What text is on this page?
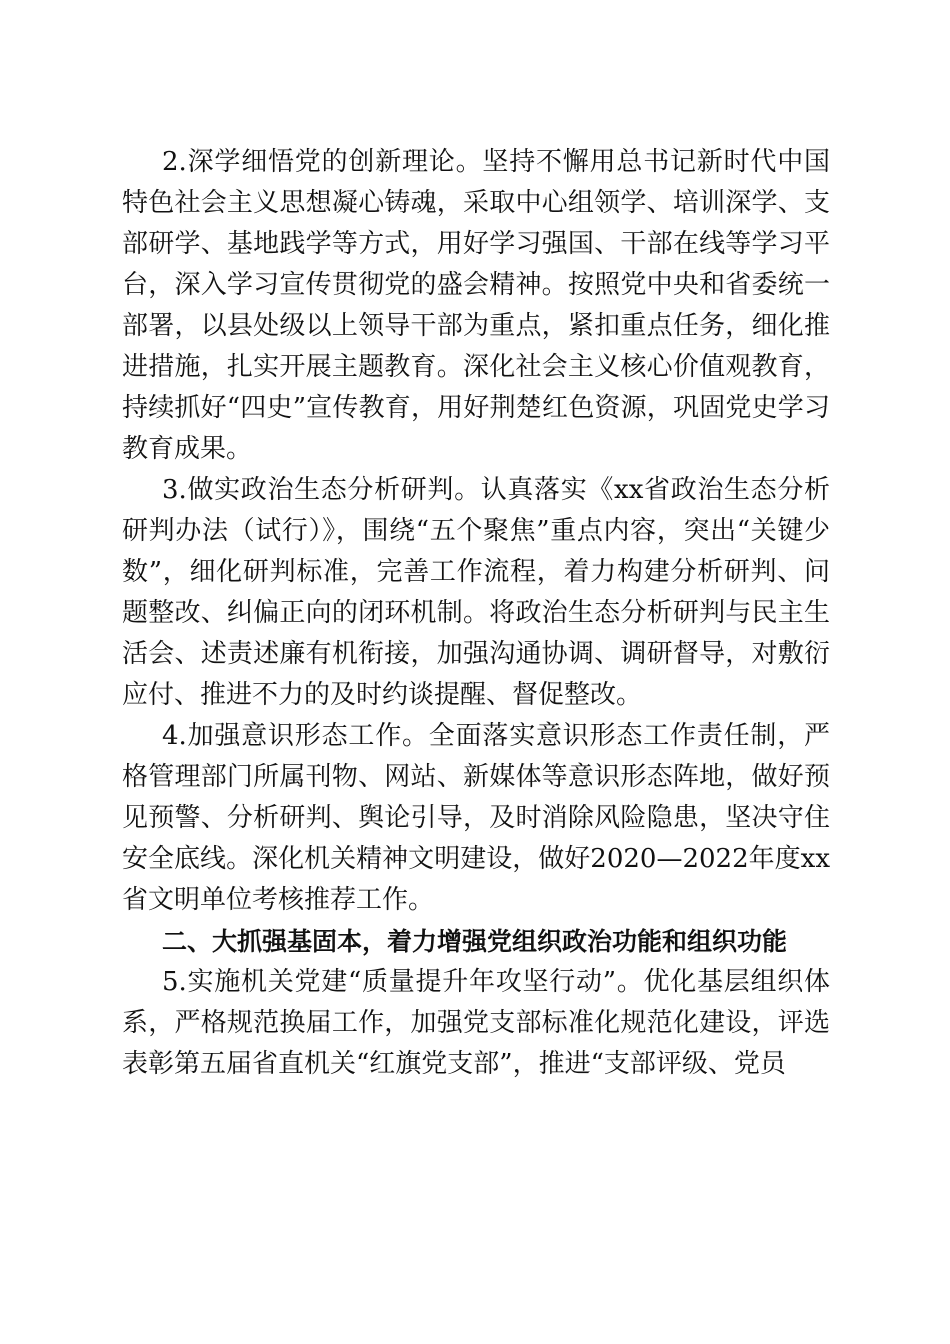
2.深学细悟党的创新理论。坚持不懈用总书记新时代中国特色社会主义思想凝心铸魂，采取中心组领学、培训深学、支部研学、基地践学等方式，用好学习强国、干部在线等学习平台，深入学习宣传贯彻党的盛会精神。按照党中央和省委统一部署，以县处级以上领导干部为重点，紧扣重点任务，细化推进措施，扎实开展主题教育。深化社会主义核心价值观教育，持续抓好“四史”宣传教育，用好荆楚红色资源，巩固党史学习教育成果。

3.做实政治生态分析研判。认真落实《xx省政治生态分析研判办法（试行）》，围绕“五个聚焦”重点内容，突出“关键少数”，细化研判标准，完善工作流程，着力构建分析研判、问题整改、纠偏正向的闭环机制。将政治生态分析研判与民主生活会、述责述廉有机衔接，加强沟通协调、调研督导，对敷衍应付、推进不力的及时约谈提醒、督促整改。

4.加强意识形态工作。全面落实意识形态工作责任制，严格管理部门所属刊物、网站、新媒体等意识形态阵地，做好预见预警、分析研判、舆论引导，及时消除风险隐患，坚决守住安全底线。深化机关精神文明建设，做好2020—2022年度xx省文明单位考核推荐工作。

二、大抓强基固本，着力增强党组织政治功能和组织功能

5.实施机关党建“质量提升年攻坚行动”。优化基层组织体系，严格规范换届工作，加强党支部标准化规范化建设，评选表彰第五届省直机关“红旗党支部”，推进“支部评级、党员
